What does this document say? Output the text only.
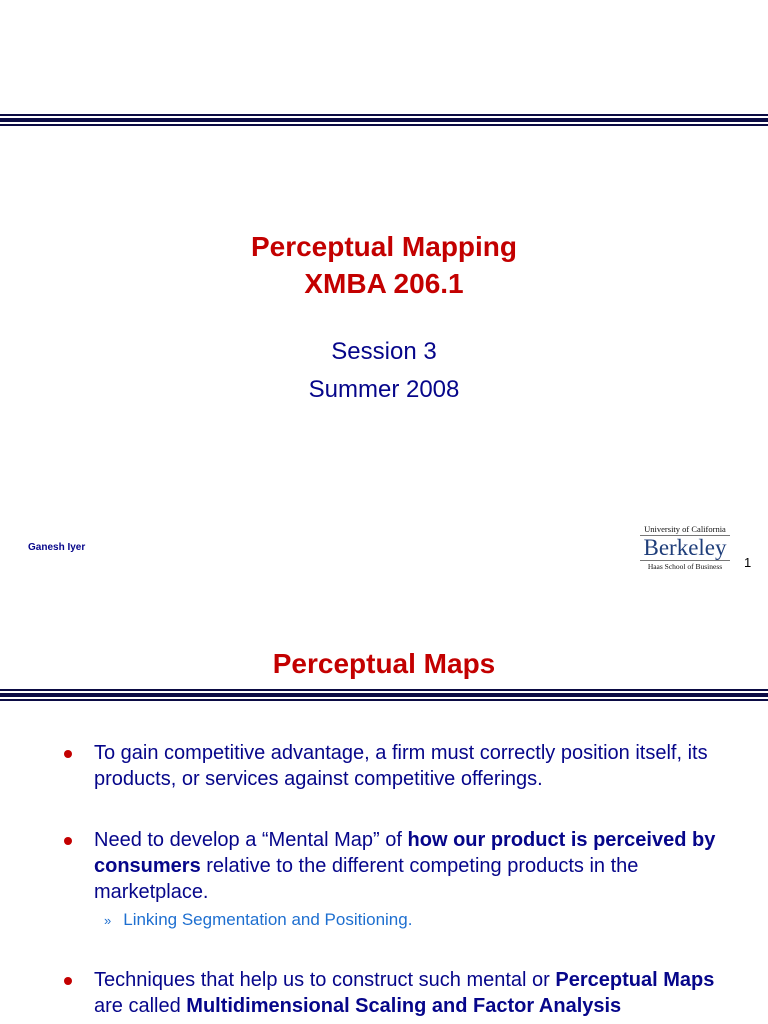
Perceptual Mapping
XMBA 206.1
Session 3
Summer 2008
Ganesh Iyer
University of California
Berkeley
Haas School of Business	1
Perceptual Maps
To gain competitive advantage, a firm must correctly position itself, its products, or services against competitive offerings.
Need to develop a “Mental Map” of how our product is perceived by consumers relative to the different competing products in the marketplace.
» Linking Segmentation and Positioning.
Techniques that help us to construct such mental or Perceptual Maps are called Multidimensional Scaling and Factor Analysis
